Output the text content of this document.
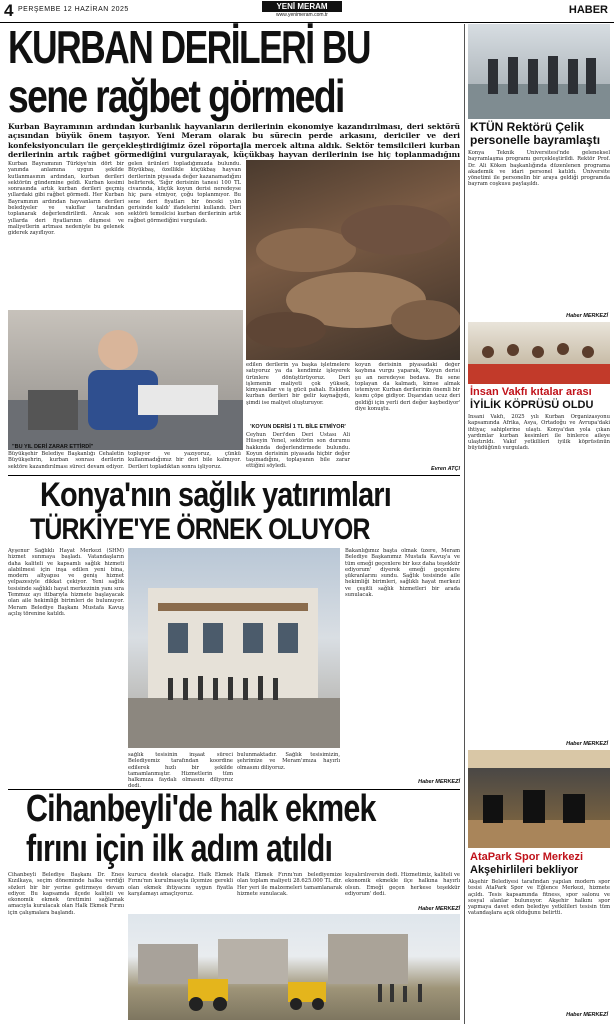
4 PERŞEMBE 12 HAZİRAN 2025	YENİ MERAM
www.yenimeram.com.tr	HABER
KURBAN DERİLERİ BU
sene rağbet görmedi
Kurban Bayramının ardından kurbanlık hayvanların derilerinin ekonomiye kazandırılması, deri sektörü açısından büyük önem taşıyor. Yeni Meram olarak bu sürecin perde arkasını, dericiler ve deri konfeksiyoncuları ile gerçekleştirdiğimiz özel röportajla mercek altına aldık. Sektör temsilcileri kurban derilerinin artık rağbet görmediğini vurgularayak, küçükbaş hayvan derilerinin ise hiç toplanmadığını
Kurban Bayramının Türkiye'nin dört bir yanında anlamına uygun şekilde kutlanmasının ardından, kurban derileri sektörün gündemine geldi. Kurban kesimi sonrasında artık kurban derileri geçmiş yıllardaki gibi rağbet görmedi. Her Kurban Bayramının ardından hayvanların derileri belediyeler ve vakıflar tarafından toplanarak değerlendirilirdi. Ancak son yıllarda deri fiyatlarının düşmesi ve maliyetlerin artması nedeniyle bu gelenek giderek zayıflıyor.
gelen ürünleri topladığımızda bulundu. Büyükbaş, özellikle küçükbaş hayvan derilerinin piyasada değer kazanamadığını belirterek, 'Sığır derisinin tanesi 100 TL civarında, küçük koyun derisi neredeyse hiç para etmiyor, çoğu toplanmıyor. Bu sene deri fiyatları bir önceki yılın gerisinde kaldı' ifadelerini kullandı. Deri sektörü temsilcisi kurban derilerinin artık rağbet görmediğini vurguladı.
"BU YIL DERİ ZARAR ETTİRDİ"
Büyükşehir Belediye Başkanlığı Cehaletin Büyükşehrin, kurban sonrası derilerin sektöre kazandırılması süreci devam ediyor.
topluyor ve yazıyoruz, çünkü kullanmadığımız bir deri bile kalmıyor. Derileri topladıktan sonra işliyoruz.
edilen derilerin ya başka işletmelere satıyoruz ya da kendimiz işleyerek ürünlere dönüştürüyoruz. Deri işlemenin maliyeti çok yüksek, kimyasallar ve iş gücü pahalı. Eskiden kurban derileri bir gelir kaynağıydı, şimdi ise maliyet oluşturuyor.
'KOYUN DERİSİ 1 TL BİLE ETMİYOR'
Ceyhun Deri'den Deri Ustası Ali Hüseyin Yenel, sektörün son durumu hakkında değerlendirmede bulundu. Koyun derisinin piyasada hiçbir değer taşımadığını, toplayanın bile zarar ettiğini söyledi.
koyun derisinin piyasadaki değer kaybına vurgu yaparak, 'Koyun derisi şu an neredeyse bedava. Bu sene toplayan da kalmadı, kimse almak istemiyor. Kurban derilerinin önemli bir kısmı çöpe gidiyor. Dışarıdan ucuz deri geldiği için yerli deri değer kaybediyor' diye konuştu.
Evren ATÇI
Konya'nın sağlık yatırımları
TÜRKİYE'YE ÖRNEK OLUYOR
Ayşenur Sağlıklı Hayat Merkezi (SHM) hizmet sunmaya başladı. Vatandaşların daha kaliteli ve kapsamlı sağlık hizmeti alabilmesi için inşa edilen yeni bina, modern altyapısı ve geniş hizmet yelpazesiyle dikkat çekiyor. Yeni sağlık tesisinde sağlıklı hayat merkezinin yanı sıra Temmuz ayı itibarıyla hizmete başlayacak olan aile hekimliği birimleri de bulunuyor. Meram Belediye Başkanı Mustafa Kavuş açılış törenine katıldı.
sağlık tesisinin inşaat süreci Belediyemiz tarafından koordine edilerek hızlı bir şekilde tamamlanmıştır. Hizmetlerin tüm halkımıza faydalı olmasını diliyoruz dedi.
bulunmaktadır. Sağlık tesisimizin, şehrimize ve Meram'ımıza hayırlı olmasını diliyoruz.
Bakanlığımız başta olmak üzere, Meram Belediye Başkanımız Mustafa Kavuş'a ve tüm emeği geçenlere bir kez daha teşekkür ediyorum' diyerek emeği geçenlere şükranlarını sundu. Sağlık tesisinde aile hekimliği birimleri, sağlıklı hayat merkezi ve çeşitli sağlık hizmetleri bir arada sunulacak.
Haber MERKEZİ
Cihanbeyli'de halk ekmek
fırını için ilk adım atıldı
Cihanbeyli Belediye Başkanı Dr. Enes Kızılkaya, seçim döneminde halka verdiği sözleri bir bir yerine getirmeye devam ediyor. Bu kapsamda ilçede kaliteli ve ekonomik ekmek üretimini sağlamak amacıyla kurulacak olan Halk Ekmek Fırını için çalışmalara başlandı.
kurucu destek olacağız. Halk Ekmek Fırını'nın kurulmasıyla ilçemize gerekli olan ekmek ihtiyacını uygun fiyatla karşılamayı amaçlıyoruz.
Halk Ekmek Fırını'nın belediyemize olan toplam maliyeti 28.625.000 TL dir. Her yeri ile malzemeleri tamamlanarak hizmete sunulacak.
kuyalırılıversin dedi. Hizmetimiz, kaliteli ve ekonomik ekmekle ilçe halkına hayırlı olsun. Emeği geçen herkese teşekkür ediyorum' dedi.
Haber MERKEZİ
KTÜN Rektörü Çelik personelle bayramlaştı
Konya Teknik Üniversitesi'nde geleneksel bayramlaşma programı gerçekleştirildi. Rektör Prof. Dr. Ali Köken başkanlığında düzenlenen programa akademik ve idari personel katıldı. Üniversite yönetimi ile personelin bir araya geldiği programda bayram coşkusu paylaşıldı.
Haber MERKEZİ
İnsan Vakfı kıtalar arası
İYİLİK KÖPRÜSÜ OLDU
İnsani Vakfı, 2025 yılı Kurban Organizasyonu kapsamında Afrika, Asya, Ortadoğu ve Avrupa'daki ihtiyaç sahiplerine ulaştı. Konya'dan yola çıkan yardımlar kurban kesimleri ile binlerce aileye ulaştırıldı. Vakıf yetkilileri iyilik köprüsünün büyüdüğünü vurguladı.
Haber MERKEZİ
AtaPark Spor Merkezi
Akşehirlileri bekliyor
Akşehir Belediyesi tarafından yapılan modern spor tesisi AtaPark Spor ve Eğlence Merkezi, hizmete açıldı. Tesis kapsamında fitness, spor salonu ve sosyal alanlar bulunuyor. Akşehir halkını spor yapmaya davet eden belediye yetkilileri tesisin tüm vatandaşlara açık olduğunu belirtti.
Haber MERKEZİ
